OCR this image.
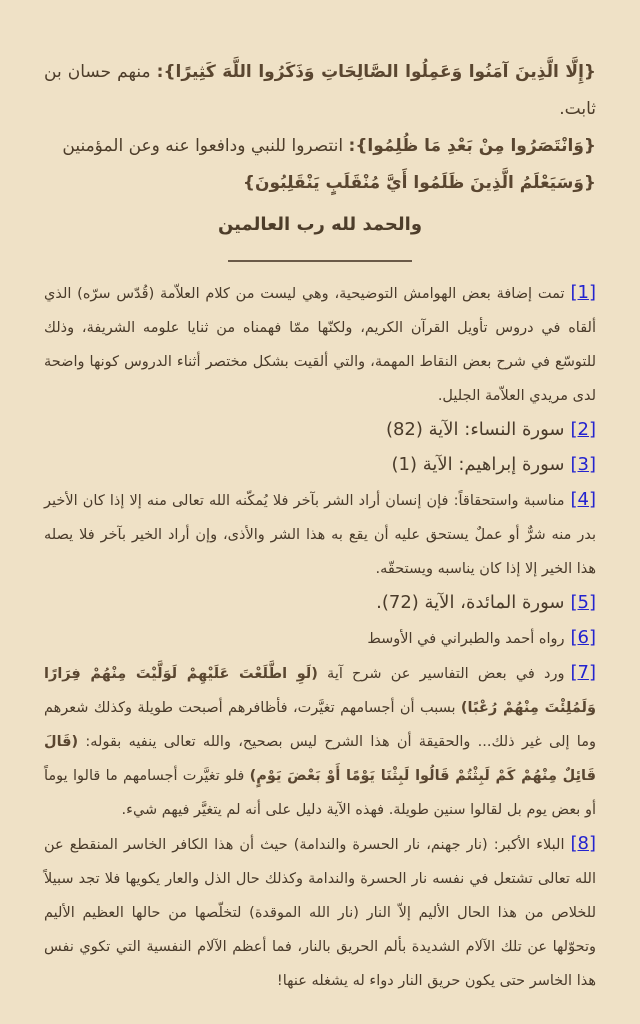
{إِلَّا الَّذِينَ آمَنُوا وَعَمِلُوا الصَّالِحَاتِ وَذَكَرُوا اللَّهَ كَثِيرًا}: منهم حسان بن ثابت.

{وَانْتَصَرُوا مِنْ بَعْدِ مَا ظُلِمُوا}: انتصروا للنبي ودافعوا عنه وعن المؤمنين

{وَسَيَعْلَمُ الَّذِينَ ظَلَمُوا أَيَّ مُنْقَلَبٍ يَنْقَلِبُونَ}

والحمد لله رب العالمين

[1]تمت إضافة بعض الهوامش التوضيحية، وهي ليست من كلام العلاّمة (قُدّس سرّه) الذي ألقاه في دروس تأويل القرآن الكريم، ولكنّها ممّا فهمناه من ثنايا علومه الشريفة، وذلك للتوسّع في شرح بعض النقاط المهمة، والتي ألقيت بشكل مختصر أثناء الدروس كونها واضحة لدى مريدي العلاّمة الجليل.

[2]سورة النساء: الآية (82)

[3]سورة إبراهيم: الآية (1)

[4]مناسبة واستحقاقاً: فإن إنسان أراد الشر بآخر فلا يُمكّنه الله تعالى منه إلا إذا كان الأخير بدر منه شرٌّ أو عملٌ يستحق عليه أن يقع به هذا الشر والأذى، وإن أراد الخير بآخر فلا يصله هذا الخير إلا إذا كان يناسبه ويستحقّه.

[5]سورة المائدة، الآية (72).

[6]رواه أحمد والطبراني في الأوسط

[7]ورد في بعض التفاسير عن شرح آية (لَوِ اطَّلَعْتَ عَلَيْهِمْ لَوَلَّيْتَ مِنْهُمْ فِرَارًا وَلَمُلِئْتَ مِنْهُمْ رُعْبًا) بسبب أن أجسامهم تغيَّرت، فأظافرهم أصبحت طويلة وكذلك شعرهم وما إلى غير ذلك... والحقيقة أن هذا الشرح ليس بصحيح، والله تعالى ينفيه بقوله: (قَالَ قَائِلٌ مِنْهُمْ كَمْ لَبِثْتُمْ قَالُوا لَبِثْنَا يَوْمًا أَوْ بَعْضَ يَوْمٍ) فلو تغيَّرت أجسامهم ما قالوا يوماً أو بعض يوم بل لقالوا سنين طويلة. فهذه الآية دليل على أنه لم يتغيَّر فيهم شيء.

[8]البلاء الأكبر: (نار جهنم، نار الحسرة والندامة) حيث أن هذا الكافر الخاسر المنقطع عن الله تعالى تشتعل في نفسه نار الحسرة والندامة وكذلك حال الذل والعار يكويها فلا تجد سبيلاً للخلاص من هذا الحال الأليم إلاّ النار (نار الله الموقدة) لتخلّصها من حالها العظيم الأليم وتحوّلها عن تلك الآلام الشديدة بألم الحريق بالنار، فما أعظم الآلام النفسية التي تكوي نفس هذا الخاسر حتى يكون حريق النار دواء له يشغله عنها!
